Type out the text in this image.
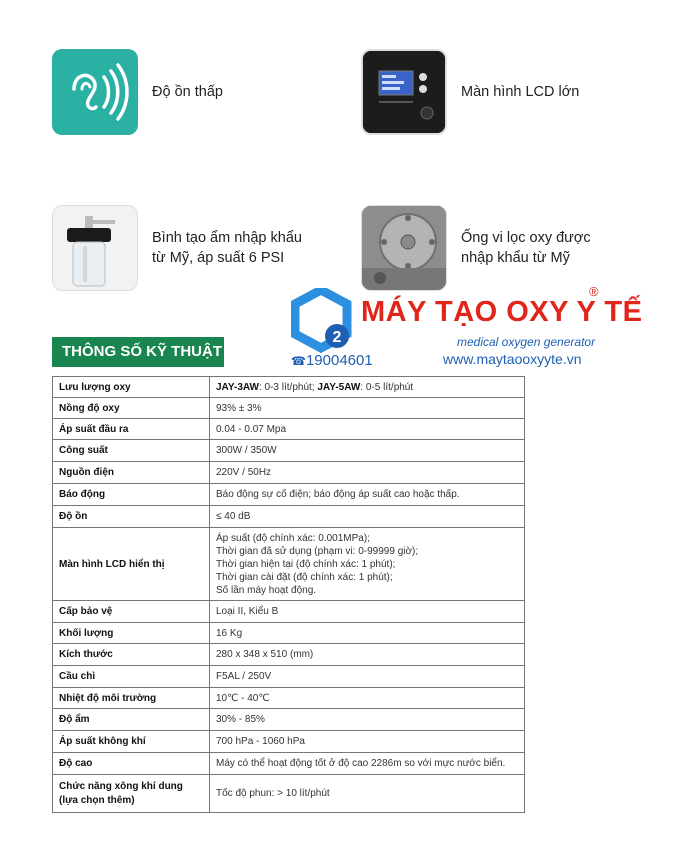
Độ ồn thấp	Màn hình LCD lớn
Bình tạo ẩm nhập khẩu
từ Mỹ, áp suất 6 PSI
Ống vi lọc oxy được
nhập khẩu từ Mỹ
2
MÁY TẠO OXY Y TẾ
®
medical oxygen generator
www.maytaooxyyte.vn
☎19004601
THÔNG SỐ KỸ THUẬT
Lưu lượng oxy	JAY-3AW: 0-3 lít/phút; JAY-5AW: 0-5 lít/phút
Nồng độ oxy	93% ± 3%
Áp suất đầu ra	0.04 - 0.07 Mpa
Công suất	300W / 350W
Nguồn điện	220V / 50Hz
Báo động	Báo động sự cố điện; báo động áp suất cao hoặc thấp.
Độ ồn	≤ 40 dB
Màn hình LCD hiển thị	Áp suất (độ chính xác: 0.001MPa);
Thời gian đã sử dụng (phạm vi: 0-99999 giờ);
Thời gian hiện tại (độ chính xác: 1 phút);
Thời gian cài đặt (độ chính xác: 1 phút);
Số lần máy hoạt động.

Cấp bảo vệ	Loại II, Kiểu B
Khối lượng	16 Kg
Kích thước	280 x 348 x 510 (mm)
Cầu chì	F5AL / 250V
Nhiệt độ môi trường	10℃ - 40℃
Độ ẩm	30% - 85%
Áp suất không khí	700 hPa - 1060 hPa
Độ cao	Máy có thể hoạt động tốt ở độ cao 2286m so với mực nước biển.
Chức năng xông khí dung
(lựa chọn thêm)	Tốc độ phun: > 10 lít/phút
